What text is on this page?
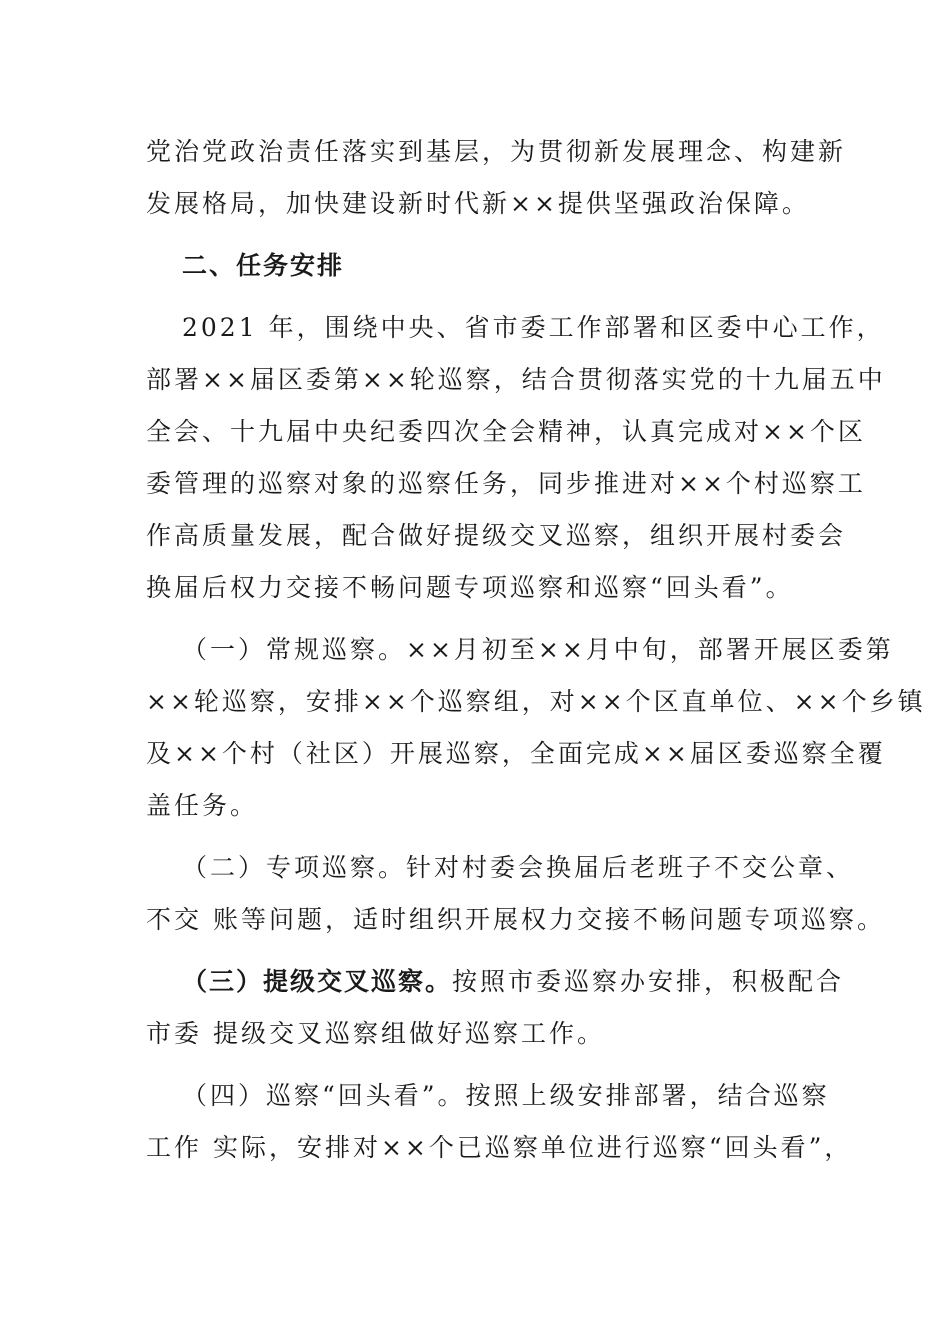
党治党政治责任落实到基层，为贯彻新发展理念、构建新
发展格局，加快建设新时代新××提供坚强政治保障。
二、任务安排
2021 年，围绕中央、省市委工作部署和区委中心工作，
部署××届区委第××轮巡察，结合贯彻落实党的十九届五中
全会、十九届中央纪委四次全会精神，认真完成对××个区
委管理的巡察对象的巡察任务，同步推进对××个村巡察工
作高质量发展，配合做好提级交叉巡察，组织开展村委会
换届后权力交接不畅问题专项巡察和巡察“回头看”。
（一）常规巡察。××月初至××月中旬，部署开展区委第
××轮巡察，安排××个巡察组，对××个区直单位、××个乡镇
及××个村（社区）开展巡察，全面完成××届区委巡察全覆
盖任务。
（二）专项巡察。针对村委会换届后老班子不交公章、
不交 账等问题，适时组织开展权力交接不畅问题专项巡察。
（三）提级交叉巡察。按照市委巡察办安排，积极配合
市委 提级交叉巡察组做好巡察工作。
（四）巡察“回头看”。按照上级安排部署，结合巡察
工作 实际，安排对××个已巡察单位进行巡察“回头看”，
